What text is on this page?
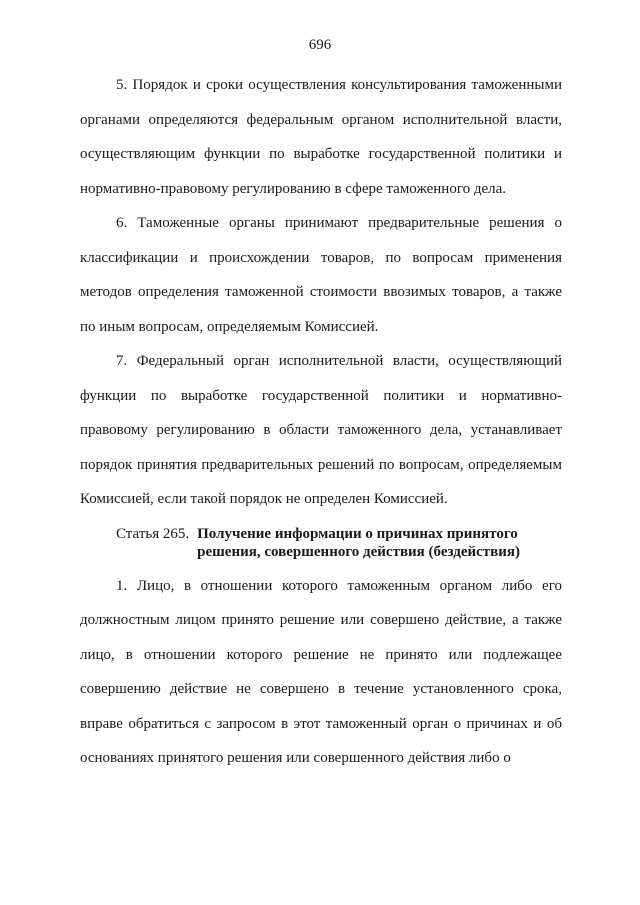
696

5. Порядок и сроки осуществления консультирования таможенными органами определяются федеральным органом исполнительной власти, осуществляющим функции по выработке государственной политики и нормативно-правовому регулированию в сфере таможенного дела.

6. Таможенные органы принимают предварительные решения о классификации и происхождении товаров, по вопросам применения методов определения таможенной стоимости ввозимых товаров, а также по иным вопросам, определяемым Комиссией.

7. Федеральный орган исполнительной власти, осуществляющий функции по выработке государственной политики и нормативно-правовому регулированию в области таможенного дела, устанавливает порядок принятия предварительных решений по вопросам, определяемым Комиссией, если такой порядок не определен Комиссией.

Статья 265. Получение информации о причинах принятого решения, совершенного действия (бездействия)

1. Лицо, в отношении которого таможенным органом либо его должностным лицом принято решение или совершено действие, а также лицо, в отношении которого решение не принято или подлежащее совершению действие не совершено в течение установленного срока, вправе обратиться с запросом в этот таможенный орган о причинах и об основаниях принятого решения или совершенного действия либо о
